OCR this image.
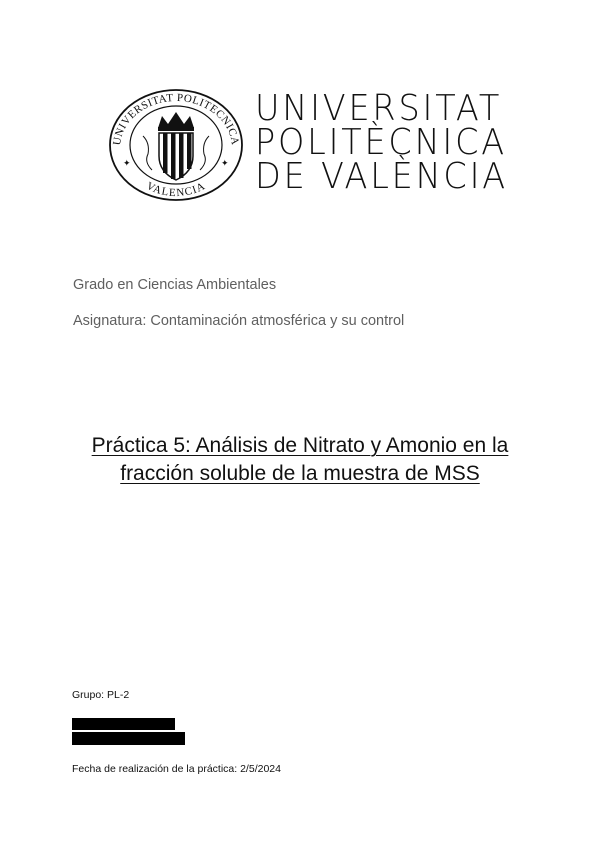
UNIVERSITAT POLITECNICA
VALENCIA
✦	✦
UNIVERSITAT
POLITÈCNICA
DE VALÈNCIA
Grado en Ciencias Ambientales
Asignatura: Contaminación atmosférica y su control
Práctica 5: Análisis de Nitrato y Amonio en la
fracción soluble de la muestra de MSS
Grupo: PL-2
Fecha de realización de la práctica: 2/5/2024
